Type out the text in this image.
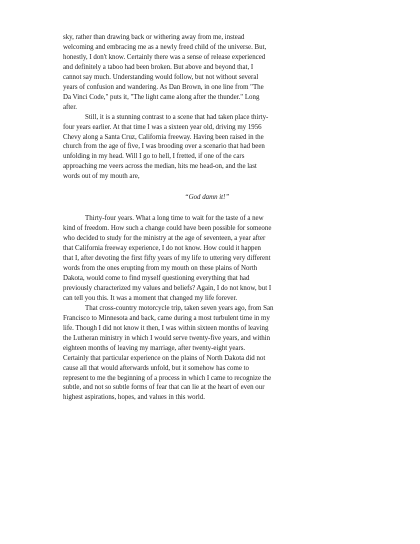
sky, rather than drawing back or withering away from me, instead
welcoming and embracing me as a newly freed child of the universe. But,
honestly, I don't know. Certainly there was a sense of release experienced
and definitely a taboo had been broken. But above and beyond that, I
cannot say much. Understanding would follow, but not without several
years of confusion and wandering. As Dan Brown, in one line from "The
Da Vinci Code," puts it, "The light came along after the thunder." Long
after.

Still, it is a stunning contrast to a scene that had taken place thirty-
four years earlier. At that time I was a sixteen year old, driving my 1956
Chevy along a Santa Cruz, California freeway. Having been raised in the
church from the age of five, I was brooding over a scenario that had been
unfolding in my head. Will I go to hell, I fretted, if one of the cars
approaching me veers across the median, hits me head-on, and the last
words out of my mouth are,

“God damn it!”

Thirty-four years. What a long time to wait for the taste of a new
kind of freedom. How such a change could have been possible for someone
who decided to study for the ministry at the age of seventeen, a year after
that California freeway experience, I do not know. How could it happen
that I, after devoting the first fifty years of my life to uttering very different
words from the ones erupting from my mouth on these plains of North
Dakota, would come to find myself questioning everything that had
previously characterized my values and beliefs? Again, I do not know, but I
can tell you this. It was a moment that changed my life forever.

That cross-country motorcycle trip, taken seven years ago, from San
Francisco to Minnesota and back, came during a most turbulent time in my
life. Though I did not know it then, I was within sixteen months of leaving
the Lutheran ministry in which I would serve twenty-five years, and within
eighteen months of leaving my marriage, after twenty-eight years.
Certainly that particular experience on the plains of North Dakota did not
cause all that would afterwards unfold, but it somehow has come to
represent to me the beginning of a process in which I came to recognize the
subtle, and not so subtle forms of fear that can lie at the heart of even our
highest aspirations, hopes, and values in this world.
